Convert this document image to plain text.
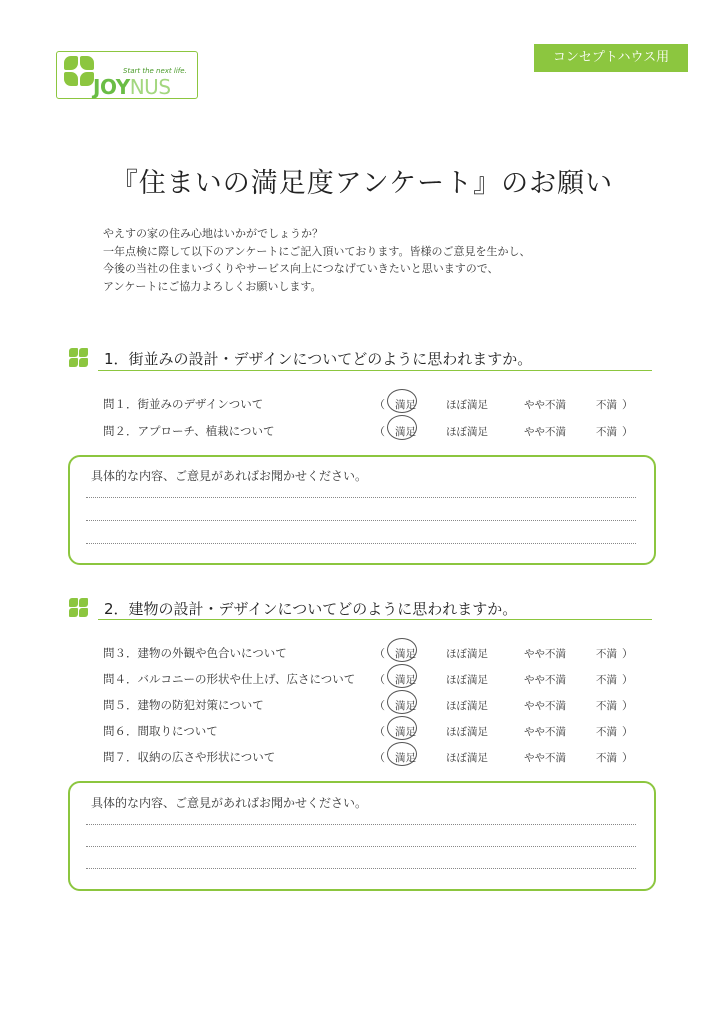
Start the next life.
JOYNUS
コンセプトハウス用
『住まいの満足度アンケート』のお願い
やえすの家の住み心地はいかがでしょうか？
一年点検に際して以下のアンケートにご記入頂いております。皆様のご意見を生かし、
今後の当社の住まいづくりやサービス向上につなげていきたいと思いますので、
アンケートにご協力よろしくお願いします。
1．街並みの設計・デザインについてどのように思われますか。
問１．街並みのデザインついて	（ 満足	ほぼ満足	やや不満	不満 ）
問２．アプローチ、植栽について	（ 満足	ほぼ満足	やや不満	不満 ）
具体的な内容、ご意見があればお聞かせください。
2．建物の設計・デザインについてどのように思われますか。
問３．建物の外観や色合いについて	（ 満足	ほぼ満足	やや不満	不満 ）
問４．バルコニーの形状や仕上げ、広さについて （ 満足	ほぼ満足	やや不満	不満 ）
問５．建物の防犯対策について	（ 満足	ほぼ満足	やや不満	不満 ）
問６．間取りについて	（ 満足	ほぼ満足	やや不満	不満 ）
問７．収納の広さや形状について	（ 満足	ほぼ満足	やや不満	不満 ）
具体的な内容、ご意見があればお聞かせください。
